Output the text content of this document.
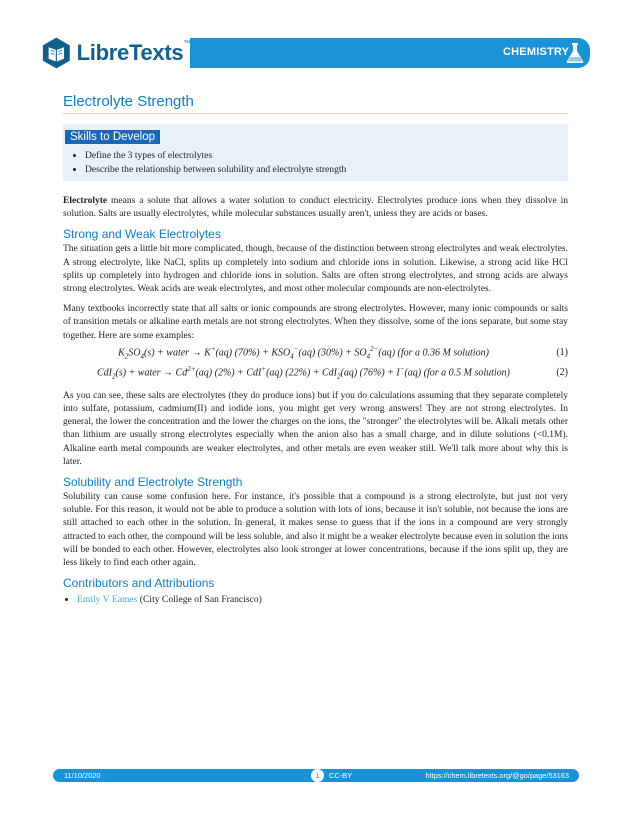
LibreTexts™
CHEMISTRY
Electrolyte Strength
Skills to Develop
• Define the 3 types of electrolytes
• Describe the relationship between solubility and electrolyte strength

Electrolyte means a solute that allows a water solution to conduct electricity. Electrolytes produce ions when they dissolve in solution. Salts are usually electrolytes, while molecular substances usually aren't, unless they are acids or bases.

Strong and Weak Electrolytes

The situation gets a little bit more complicated, though, because of the distinction between strong electrolytes and weak electrolytes. A strong electrolyte, like NaCl, splits up completely into sodium and chloride ions in solution. Likewise, a strong acid like HCl splits up completely into hydrogen and chloride ions in solution. Salts are often strong electrolytes, and strong acids are always strong electrolytes. Weak acids are weak electrolytes, and most other molecular compounds are non-electrolytes.

Many textbooks incorrectly state that all salts or ionic compounds are strong electrolytes. However, many ionic compounds or salts of transition metals or alkaline earth metals are not strong electrolytes. When they dissolve, some of the ions separate, but some stay together. Here are some examples:

$K_2SO_4(s)$ + water → K+(aq) $(70\%) + KSO_4^-(aq) (30\%) + SO_4^{2-}(aq)$ (for a 0.36 M solution)	(1)
CdI$_2$(s) + water → $Cd^{2+}(aq) (2\%) + CdI^+(aq) (22\%) + CdI_2(aq) (76\%) + I^-(aq)$ (for a 0.5 M solution)	(2)

As you can see, these salts are electrolytes (they do produce ions) but if you do calculations assuming that they separate completely into sulfate, potassium, cadmium(II) and iodide ions, you might get very wrong answers! They are not strong electrolytes. In general, the lower the concentration and the lower the charges on the ions, the "stronger" the electrolytes will be. Alkali metals other than lithium are usually strong electrolytes especially when the anion also has a small charge, and in dilute solutions (<0.1M). Alkaline earth metal compounds are weaker electrolytes, and other metals are even weaker still. We'll talk more about why this is later.

Solubility and Electrolyte Strength

Solubility can cause some confusion here. For instance, it's possible that a compound is a strong electrolyte, but just not very soluble. For this reason, it would not be able to produce a solution with lots of ions, because it isn't soluble, not because the ions are still attached to each other in the solution. In general, it makes sense to guess that if the ions in a compound are very strongly attracted to each other, the compound will be less soluble, and also it might be a weaker electrolyte because even in solution the ions will be bonded to each other. However, electrolytes also look stronger at lower concentrations, because if the ions split up, they are less likely to find each other again.

Contributors and Attributions
• Emily V Eames (City College of San Francisco)
11/10/2020	1	CC-BY	https://chem.libretexts.org/@go/page/53163
